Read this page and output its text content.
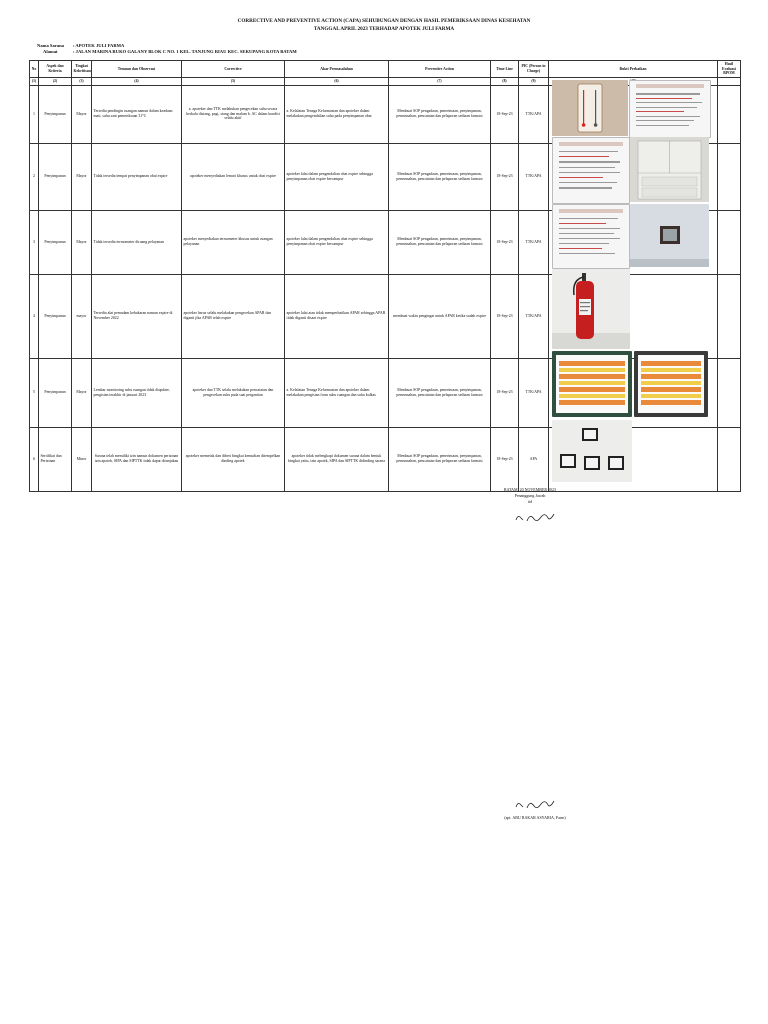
CORRECTIVE AND PREVENTIVE ACTION (CAPA) SEHUBUNGAN DENGAN HASIL PEMERIKSAAN DINAS KESEHATAN
TANGGAL APRIL 2023 TERHADAP APOTEK JULI FARMA
Nama Sarana : APOTEK JULI FARMA
Alamat	: JALAN MARINA RUKO GALANY BLOK C NO. 1 KEL. TANJUNG RIAU KEC. SEKUPANG KOTA BATAM
No	Aspek dan Kriteria	Tingkat Kekritisan	Temuan dan Observasi	Corrective	Akar Permasalahan	Preventive Action	Time Line	PIC (Person in Charge)	Bukti Perbaikan	Hasil Evaluasi BPOM
(1)	(2)	(3)	(4)	(5)	(6)	(7)	(8)	(9)		
1	Penyimpanan	Mayor	Tersedia pendingin ruangan namun dalam keadaan mati, suhu saat pemeriksaan 31⁰C	a. apoteker dan TTK melakukan pengecekan suhu secara berkala disiang, pagi, siang dan malam b. AC dalam kondisi selalu aktif	a. Kelalaian Tenaga Kefarmasian dan apoteker dalam melakukan pengendalian suhu pada penyimpanan obat	Membuat SOP pengadaan, penerimaan, penyimpanan, pemusnahan, pencatatan dan pelaporan sediaan farmasi	18-Sep-23	TTK/APA		
2	Penyimpanan	Mayor	Tidak tersedia tempat penyimpanan obat expire	apoteker menyediakan lemari khusus untuk obat expire	apoteker lalai dalam pengendalian obat expire sehingga penyimpanan obat expire bercampur	Membuat SOP pengadaan, penerimaan, penyimpanan, pemusnahan, pencatatan dan pelaporan sediaan farmasi	18-Sep-23	TTK/APA		
3	Penyimpanan	Mayor	Tidak tersedia termometer diruang pelayanan	apoteker menyediakan termometer khusus untuk ruangan pelayanan	apoteker lalai dalam pengendalian obat expire sehingga penyimpanan obat expire bercampur	Membuat SOP pengadaan, penerimaan, penyimpanan, pemusnahan, pencatatan dan pelaporan sediaan farmasi	18-Sep-23	TTK/APA		
4	Penyimpanan	mayor	Tersedia alat pemadam kebakaran namun expire di November 2022	apoteker harus selalu melakukan pengecekan APAR dan diganti jika APAR telah expire	apoteker lalai atau tidak memperhatikan APAR sehingga APAR tidak diganti disaat expire	membuat waktu pengingat untuk APAR ketika sudah expire	18-Sep-23	TTK/APA		
5	Penyimpanan	Mayor	Lembar monitoring suhu ruangan tidak diupdate, pengisian terakhir di januari 2023	apoteker dan TTK selalu melakukan pencatatan dan pengecekan suhu pada saat pergantian	a. Kelalaian Tenaga Kefarmasian dan apoteker dalam melakukan pengisian form suhu ruangan dan suhu kulkas	Membuat SOP pengadaan, penerimaan, penyimpanan, pemusnahan, pencatatan dan pelaporan sediaan farmasi	18-Sep-23	TTK/APA		
6	Sertifikat dan Perizinan	Minor	Sarana telah memiliki izin namun dokumen perizinan izin apotek, SIPA dan SIPTTK tidak dapat ditunjukan	apoteker memetak dan diberi bingkai kemudian ditempelkan dinding apotek	apoteker tidak melengkapi dokumen sarana dalam bentuk bingkai yaitu, izin apotek, SIPA dan SIPTTK didinding sarana	Membuat SOP pengadaan, penerimaan, penyimpanan, pemusnahan, pencatatan dan pelaporan sediaan farmasi	18-Sep-23	APA		
BATAM, 20 NOVEMBER 2023
Penanggung Jawab
ttd
(apt. ABU BAKAR ASYARIA, Farm)
